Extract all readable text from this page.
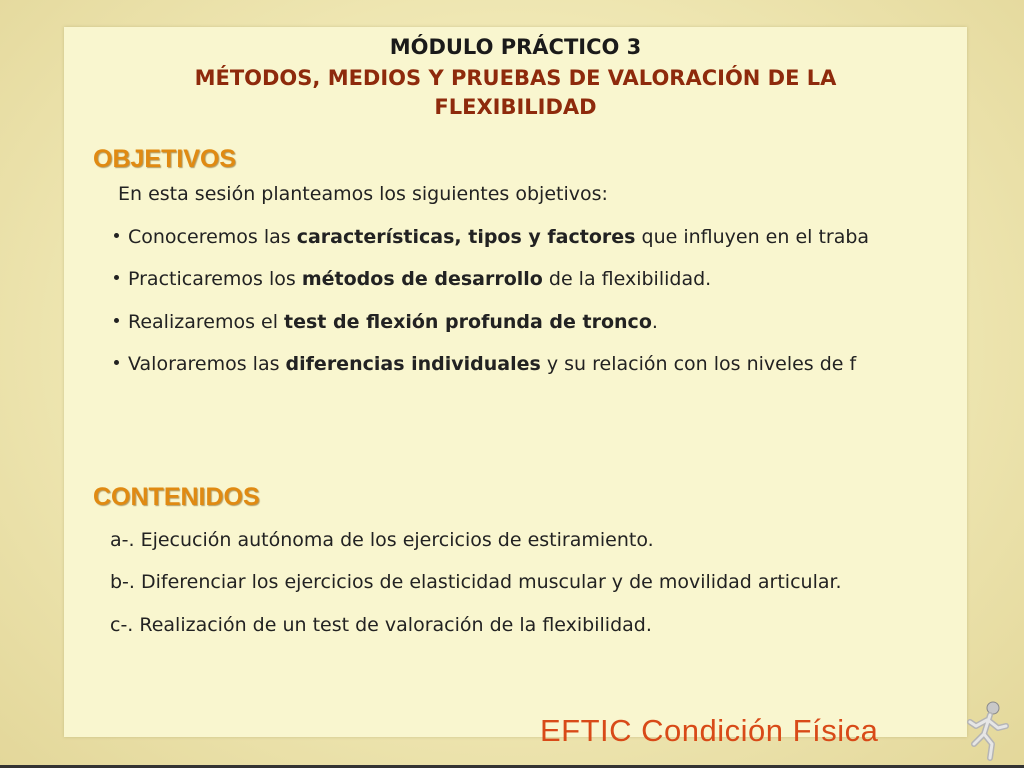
MÓDULO PRÁCTICO 3
MÉTODOS, MEDIOS Y PRUEBAS DE VALORACIÓN DE LA
FLEXIBILIDAD
OBJETIVOS

En esta sesión planteamos los siguientes objetivos:

Conoceremos las características, tipos y factores que influyen en el traba

Practicaremos los métodos de desarrollo de la flexibilidad.

Realizaremos el test de flexión profunda de tronco.

Valoraremos las diferencias individuales y su relación con los niveles de f

CONTENIDOS

a-. Ejecución autónoma de los ejercicios de estiramiento.

b-. Diferenciar los ejercicios de elasticidad muscular y de movilidad articular.

c-. Realización de un test de valoración de la flexibilidad.

EFTIC Condición Física
